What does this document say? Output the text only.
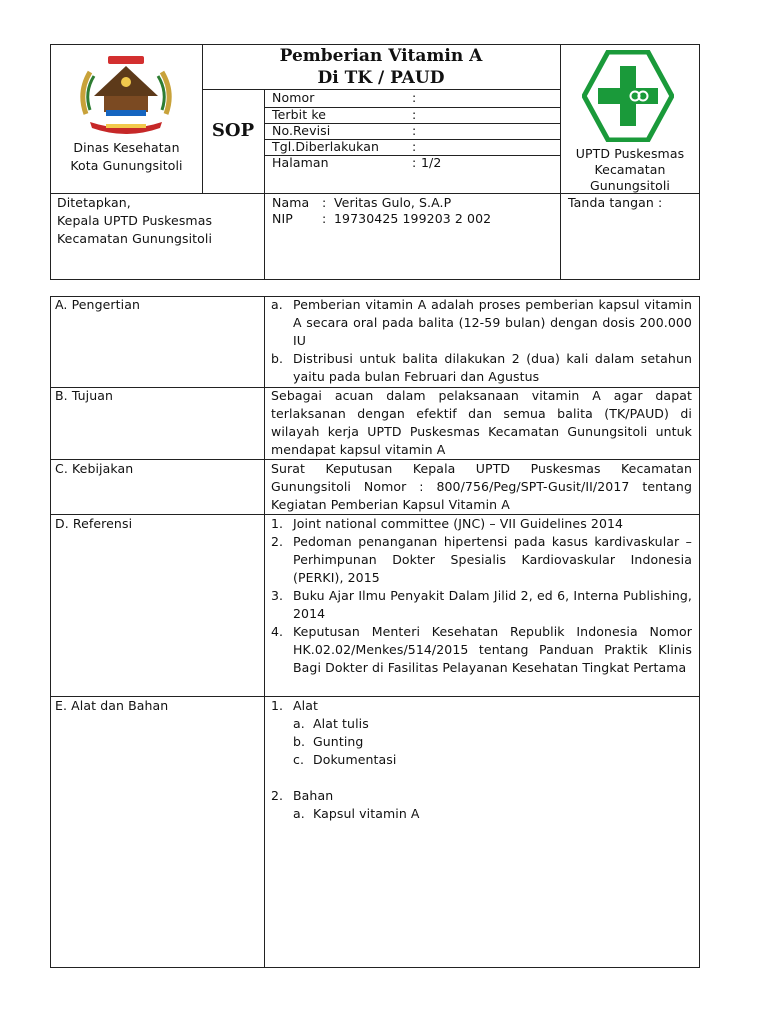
Dinas Kesehatan
Kota Gunungsitoli
Pemberian Vitamin A
Di TK / PAUD
SOP
Nomor	:
Terbit ke	:
No.Revisi	:
Tgl.Diberlakukan	:
Halaman	: 1/2
UPTD Puskesmas
Kecamatan
Gunungsitoli
Ditetapkan,
Kepala UPTD Puskesmas
Kecamatan Gunungsitoli
Nama : Veritas Gulo, S.A.P
NIP : 19730425 199203 2 002
Tanda tangan :
A. Pengertian	a. Pemberian vitamin A adalah proses pemberian kapsul vitamin A secara oral pada balita (12-59 bulan) dengan dosis 200.000 IU
b. Distribusi untuk balita dilakukan 2 (dua) kali dalam setahun yaitu pada bulan Februari dan Agustus
B. Tujuan	Sebagai acuan dalam pelaksanaan vitamin A agar dapat terlaksanan dengan efektif dan semua balita (TK/PAUD) di wilayah kerja UPTD Puskesmas Kecamatan Gunungsitoli untuk mendapat kapsul vitamin A
C. Kebijakan	Surat Keputusan Kepala UPTD Puskesmas Kecamatan Gunungsitoli Nomor : 800/756/Peg/SPT-Gusit/II/2017 tentang Kegiatan Pemberian Kapsul Vitamin A
D. Referensi	1. Joint national committee (JNC) – VII Guidelines 2014
2. Pedoman penanganan hipertensi pada kasus kardivaskular – Perhimpunan Dokter Spesialis Kardiovaskular Indonesia (PERKI), 2015
3. Buku Ajar Ilmu Penyakit Dalam Jilid 2, ed 6, Interna Publishing, 2014
4. Keputusan Menteri Kesehatan Republik Indonesia Nomor HK.02.02/Menkes/514/2015 tentang Panduan Praktik Klinis Bagi Dokter di Fasilitas Pelayanan Kesehatan Tingkat Pertama
E. Alat dan Bahan	1. Alat
a. Alat tulis
b. Gunting
c. Dokumentasi
2. Bahan
a. Kapsul vitamin A
